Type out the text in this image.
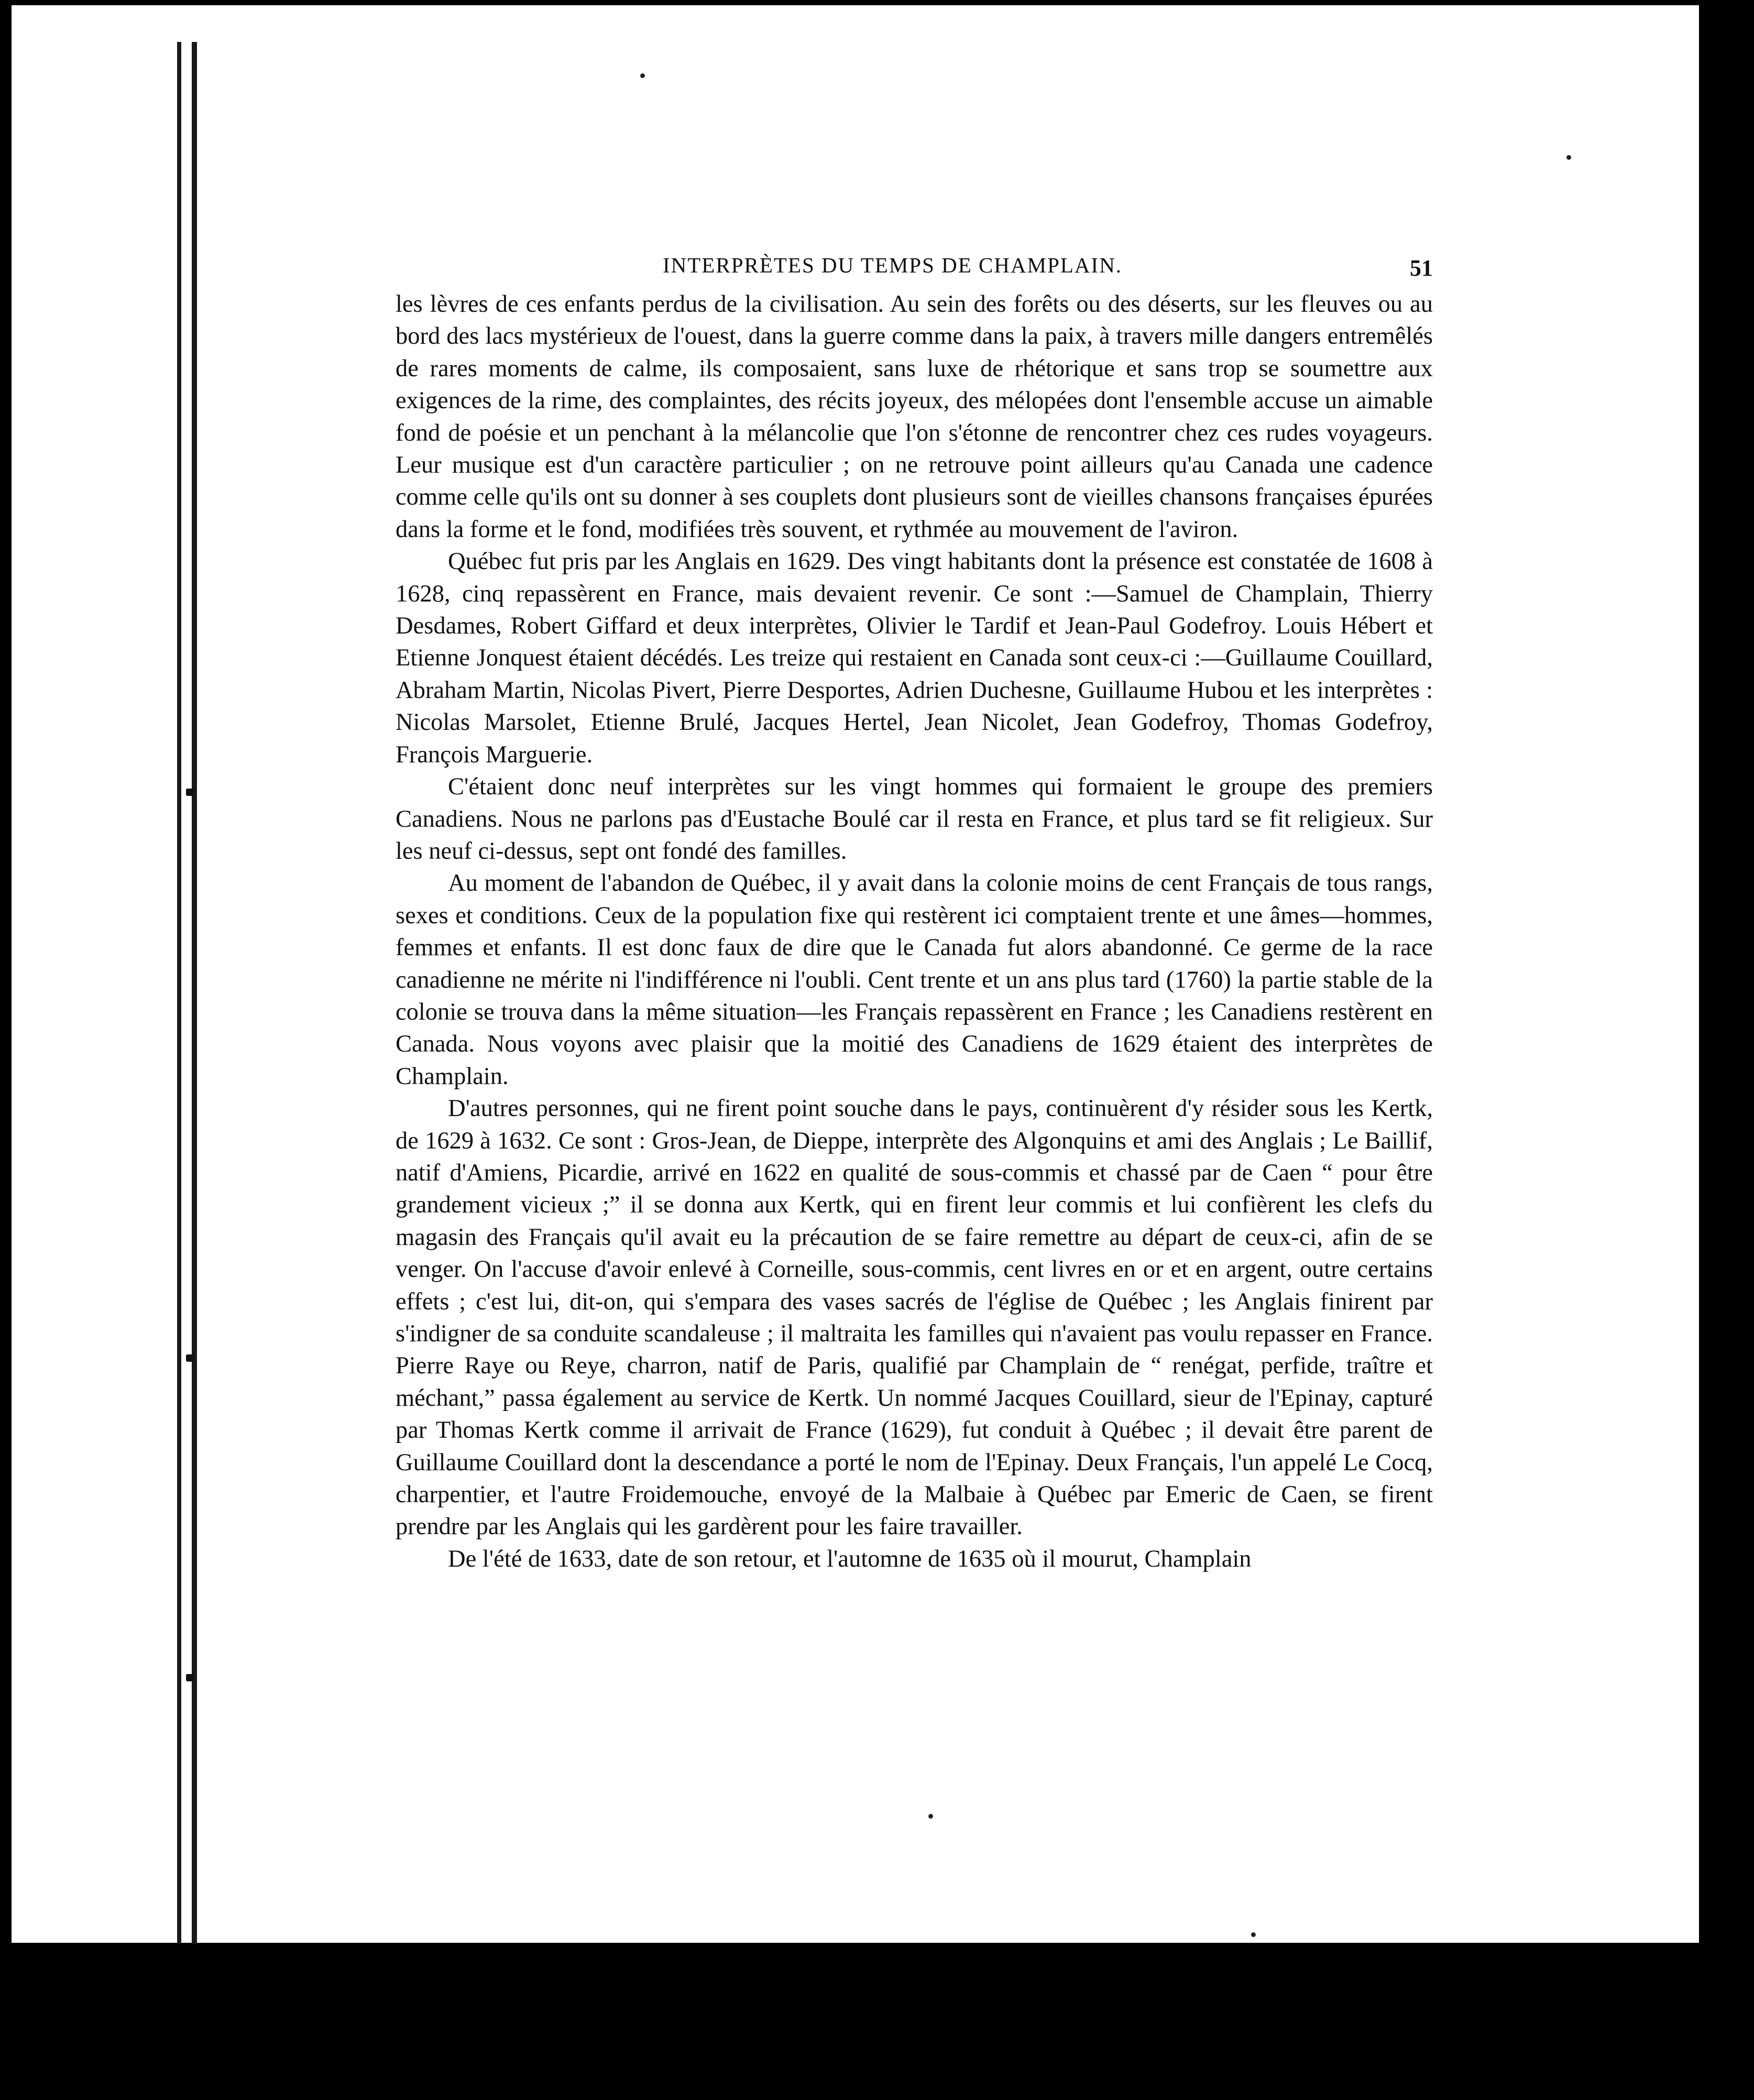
INTERPRÈTES DU TEMPS DE CHAMPLAIN.	51

les lèvres de ces enfants perdus de la civilisation. Au sein des forêts ou des déserts, sur les fleuves ou au bord des lacs mystérieux de l'ouest, dans la guerre comme dans la paix, à travers mille dangers entremêlés de rares moments de calme, ils composaient, sans luxe de rhétorique et sans trop se soumettre aux exigences de la rime, des complaintes, des récits joyeux, des mélopées dont l'ensemble accuse un aimable fond de poésie et un penchant à la mélancolie que l'on s'étonne de rencontrer chez ces rudes voyageurs. Leur musique est d'un caractère particulier ; on ne retrouve point ailleurs qu'au Canada une cadence comme celle qu'ils ont su donner à ses couplets dont plusieurs sont de vieilles chansons françaises épurées dans la forme et le fond, modifiées très souvent, et rythmée au mouvement de l'aviron.

Québec fut pris par les Anglais en 1629. Des vingt habitants dont la présence est constatée de 1608 à 1628, cinq repassèrent en France, mais devaient revenir. Ce sont :—Samuel de Champlain, Thierry Desdames, Robert Giffard et deux interprètes, Olivier le Tardif et Jean-Paul Godefroy. Louis Hébert et Etienne Jonquest étaient décédés. Les treize qui restaient en Canada sont ceux-ci :—Guillaume Couillard, Abraham Martin, Nicolas Pivert, Pierre Desportes, Adrien Duchesne, Guillaume Hubou et les interprètes : Nicolas Marsolet, Etienne Brulé, Jacques Hertel, Jean Nicolet, Jean Godefroy, Thomas Godefroy, François Marguerie.

C'étaient donc neuf interprètes sur les vingt hommes qui formaient le groupe des premiers Canadiens. Nous ne parlons pas d'Eustache Boulé car il resta en France, et plus tard se fit religieux. Sur les neuf ci-dessus, sept ont fondé des familles.

Au moment de l'abandon de Québec, il y avait dans la colonie moins de cent Français de tous rangs, sexes et conditions. Ceux de la population fixe qui restèrent ici comptaient trente et une âmes—hommes, femmes et enfants. Il est donc faux de dire que le Canada fut alors abandonné. Ce germe de la race canadienne ne mérite ni l'indifférence ni l'oubli. Cent trente et un ans plus tard (1760) la partie stable de la colonie se trouva dans la même situation—les Français repassèrent en France ; les Canadiens restèrent en Canada. Nous voyons avec plaisir que la moitié des Canadiens de 1629 étaient des interprètes de Champlain.

D'autres personnes, qui ne firent point souche dans le pays, continuèrent d'y résider sous les Kertk, de 1629 à 1632. Ce sont : Gros-Jean, de Dieppe, interprète des Algonquins et ami des Anglais ; Le Baillif, natif d'Amiens, Picardie, arrivé en 1622 en qualité de sous-commis et chassé par de Caen “ pour être grandement vicieux ;” il se donna aux Kertk, qui en firent leur commis et lui confièrent les clefs du magasin des Français qu'il avait eu la précaution de se faire remettre au départ de ceux-ci, afin de se venger. On l'accuse d'avoir enlevé à Corneille, sous-commis, cent livres en or et en argent, outre certains effets ; c'est lui, dit-on, qui s'empara des vases sacrés de l'église de Québec ; les Anglais finirent par s'indigner de sa conduite scandaleuse ; il maltraita les familles qui n'avaient pas voulu repasser en France. Pierre Raye ou Reye, charron, natif de Paris, qualifié par Champlain de “ renégat, perfide, traître et méchant,” passa également au service de Kertk. Un nommé Jacques Couillard, sieur de l'Epinay, capturé par Thomas Kertk comme il arrivait de France (1629), fut conduit à Québec ; il devait être parent de Guillaume Couillard dont la descendance a porté le nom de l'Epinay. Deux Français, l'un appelé Le Cocq, charpentier, et l'autre Froidemouche, envoyé de la Malbaie à Québec par Emeric de Caen, se firent prendre par les Anglais qui les gardèrent pour les faire travailler.

De l'été de 1633, date de son retour, et l'automne de 1635 où il mourut, Champlain
